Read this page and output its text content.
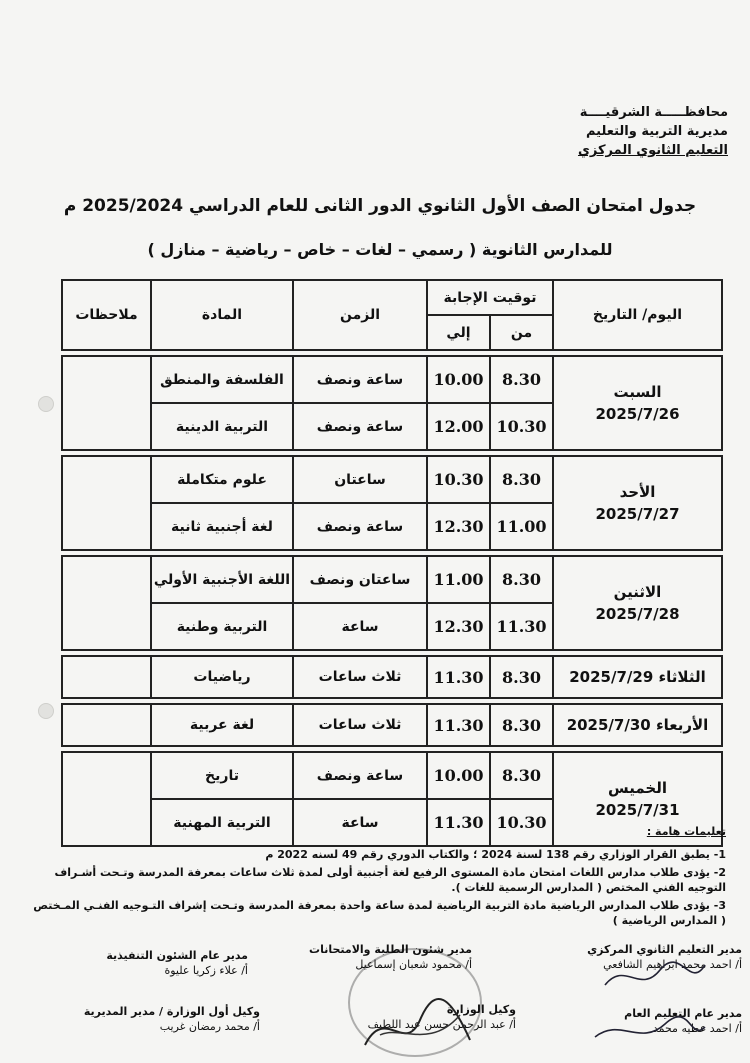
محافظـــــة الشرقيــــة
مديرية التربية والتعليم
التعليم الثانوي المركزي
جدول امتحان الصف الأول الثانوي الدور الثانى للعام الدراسي 2025/2024 م
للمدارس الثانوية ( رسمي – لغات – خاص – رياضية – منازل )
اليوم/ التاريخ	توقيت الإجابة		الزمن	المادة	ملاحظات
	من	إلي			

السبت
2025/7/26	8.30	10.00	ساعة ونصف	الفلسفة والمنطق	
	10.30	12.00	ساعة ونصف	التربية الدينية	

الأحد
2025/7/27	8.30	10.30	ساعتان	علوم متكاملة	
	11.00	12.30	ساعة ونصف	لغة أجنبية ثانية	

الاثنين
2025/7/28	8.30	11.00	ساعتان ونصف	اللغة الأجنبية الأولي	
	11.30	12.30	ساعة	التربية وطنية	

الثلاثاء 2025/7/29	8.30	11.30	ثلاث ساعات	رياضيات	

الأربعاء 2025/7/30	8.30	11.30	ثلاث ساعات	لغة عربية	

الخميس
2025/7/31	8.30	10.00	ساعة ونصف	تاريخ	
	10.30	11.30	ساعة	التربية المهنية	
تعليمات هامة :
1- يطبق القرار الوزاري رقم 138 لسنة 2024 ؛ والكتاب الدوري رقم 49 لسنه 2022 م
2- يؤدى طلاب مدارس اللغات امتحان مادة المستوى الرفيع لغة أجنبية أولى لمدة ثلاث ساعات بمعرفة المدرسة وتـحت أشـراف التوجيه الفني المختص ( المدارس الرسمية للغات ).
3- يؤدى طلاب المدارس الرياضية مادة التربية الرياضية لمدة ساعة واحدة بمعرفة المدرسة وتـحت إشراف التـوجيه الفنـي المـختص ( المدارس الرياضية )
مدير التعليم الثانوي المركزي
أ/ احمد محمد ابراهيم الشافعي
مدير شئون الطلبة والامتحانات
أ/ محمود شعبان إسماعيل
مدير عام الشئون التنفيذية
أ/ علاء زكريا عليوة
مدير عام التعليم العام
أ/ احمد عطيه محمد
وكيل الوزارة
أ/ عبد الرحمن حسن عبد اللطيف
وكيل أول الوزارة / مدير المديرية
أ/ محمد رمضان غريب
